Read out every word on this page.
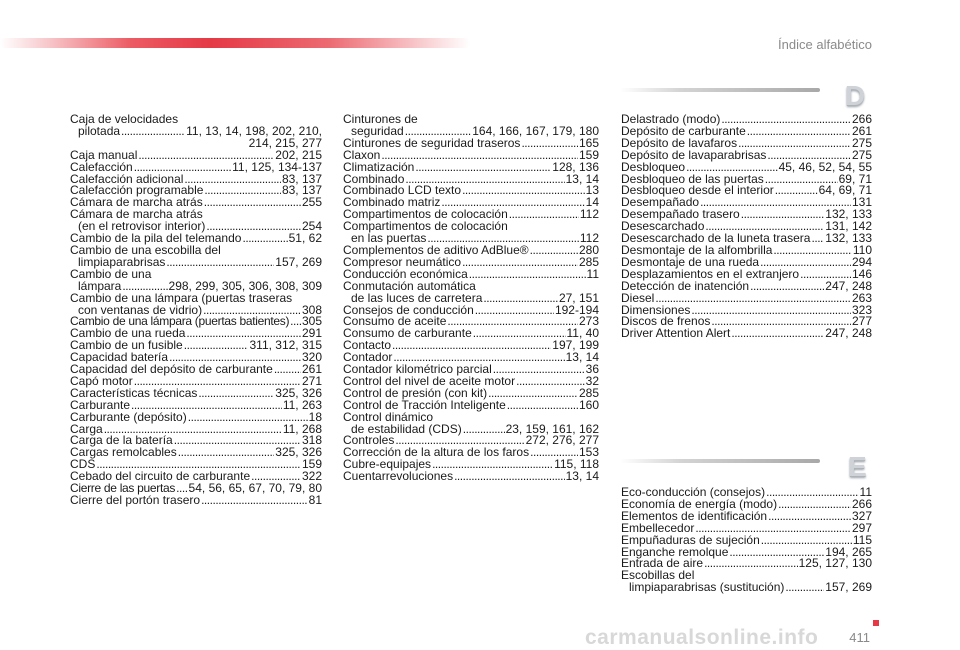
Índice alfabético
Caja de velocidades
pilotada . . .	11, 13, 14, 198, 202, 210,
214, 215, 277
Caja manual . . .	202, 215
Calefacción . . .	11, 125, 134-137
Calefacción adicional . . .	83, 137
Calefacción programable . . .	83, 137
Cámara de marcha atrás . . .	255
Cámara de marcha atrás
(en el retrovisor interior) . . .	254
Cambio de la pila del telemando . . .	51, 62
Cambio de una escobilla del
limpiaparabrisas . . .	157, 269
Cambio de una
lámpara . . .	298, 299, 305, 306, 308, 309
Cambio de una lámpara (puertas traseras
con ventanas de vidrio) . . .	308
Cambio de una lámpara (puertas batientes) . . . 305
Cambio de una rueda . . .	291
Cambio de un fusible . . .	311, 312, 315
Capacidad batería . . .	320
Capacidad del depósito de carburante . . . 261
Capó motor . . .	271
Características técnicas . . .	325, 326
Carburante . . .	11, 263
Carburante (depósito) . . .	18
Carga . . .	11, 268
Carga de la batería . . .	318
Cargas remolcables . . .	325, 326
CDS . . .	159
Cebado del circuito de carburante . . .	322
Cierre de las puertas . . . 54, 56, 65, 67, 70, 79, 80
Cierre del portón trasero . . .	81
Cinturones de
seguridad . . .	164, 166, 167, 179, 180
Cinturones de seguridad traseros . . .	165
Claxon . . .	159
Climatización . . .	128, 136
Combinado . . .	13, 14
Combinado LCD texto . . .	13
Combinado matriz . . .	14
Compartimentos de colocación . . .	112
Compartimentos de colocación
en las puertas . . .	112
Complementos de aditivo AdBlue® . . .	280
Compresor neumático . . .	285
Conducción económica . . .	11
Conmutación automática
de las luces de carretera . . .	27, 151
Consejos de conducción . . .	192-194
Consumo de aceite . . .	273
Consumo de carburante . . .	11, 40
Contacto . . .	197, 199
Contador . . .	13, 14
Contador kilométrico parcial . . .	36
Control del nivel de aceite motor . . .	32
Control de presión (con kit) . . .	285
Control de Tracción Inteligente . . .	160
Control dinámico
de estabilidad (CDS) . . .	23, 159, 161, 162
Controles . . .	272, 276, 277
Corrección de la altura de los faros . . .	153
Cubre-equipajes . . .	115, 118
Cuentarrevoluciones . . .	13, 14
Delastrado (modo) . . .	266
Depósito de carburante . . .	261
Depósito de lavafaros . . .	275
Depósito de lavaparabrisas . . .	275
Desbloqueo . . .	45, 46, 52, 54, 55
Desbloqueo de las puertas . . .	69, 71
Desbloqueo desde el interior . . .	64, 69, 71
Desempañado . . .	131
Desempañado trasero . . .	132, 133
Desescarchado . . .	131, 142
Desescarchado de la luneta trasera . . . 132, 133
Desmontaje de la alfombrilla . . .	110
Desmontaje de una rueda . . .	294
Desplazamientos en el extranjero . . .	146
Detección de inatención . . .	247, 248
Diesel . . .	263
Dimensiones . . .	323
Discos de frenos . . .	277
Driver Attention Alert . . .	247, 248
Eco-conducción (consejos) . . .	11
Economía de energía (modo) . . .	266
Elementos de identificación . . .	327
Embellecedor . . .	297
Empuñaduras de sujeción . . .	115
Enganche remolque . . .	194, 265
Entrada de aire . . .	125, 127, 130
Escobillas del
limpiaparabrisas (sustitución) . . .	157, 269
D
E
411
carmanualsonline.info
